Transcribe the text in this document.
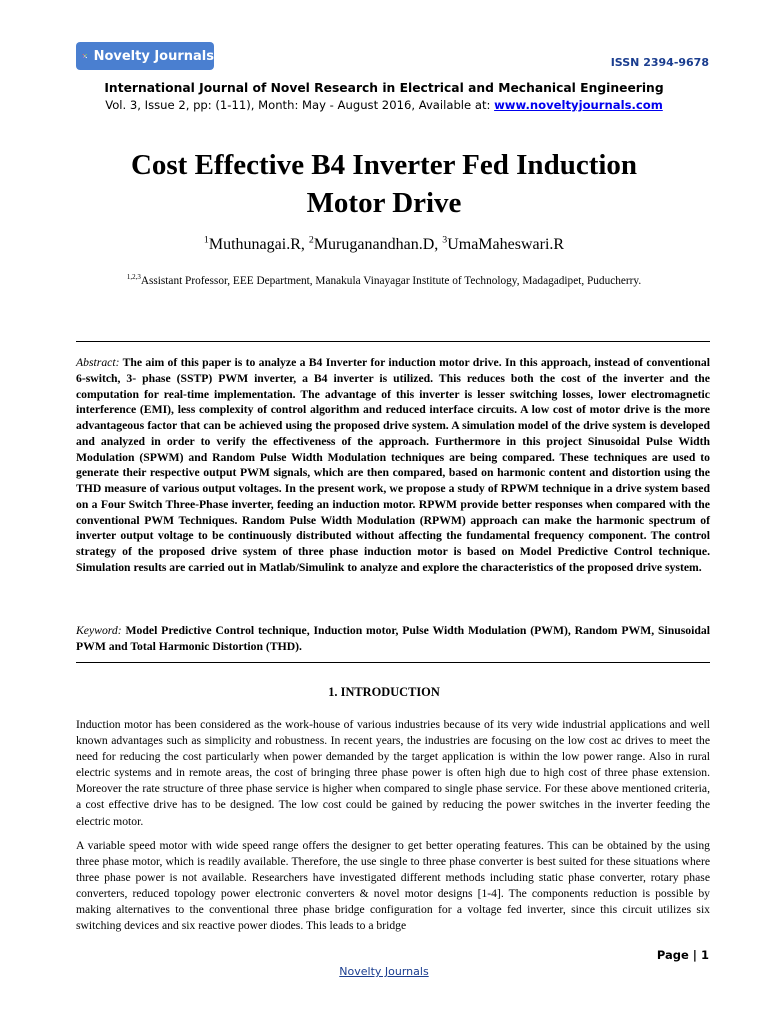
Novelty Journals	ISSN 2394-9678
International Journal of Novel Research in Electrical and Mechanical Engineering
Vol. 3, Issue 2, pp: (1-11), Month: May - August 2016, Available at: www.noveltyjournals.com
Cost Effective B4 Inverter Fed Induction
Motor Drive
$^1$Muthunagai.R, $^2$Muruganandhan.D, $^3$UmaMaheswari.R
$^{1,2,3}$Assistant Professor, EEE Department, Manakula Vinayagar Institute of Technology, Madagadipet, Puducherry.
Abstract: The aim of this paper is to analyze a B4 Inverter for induction motor drive. In this approach, instead of conventional 6-switch, 3- phase (SSTP) PWM inverter, a B4 inverter is utilized. This reduces both the cost of the inverter and the computation for real-time implementation. The advantage of this inverter is lesser switching losses, lower electromagnetic interference (EMI), less complexity of control algorithm and reduced interface circuits. A low cost of motor drive is the more advantageous factor that can be achieved using the proposed drive system. A simulation model of the drive system is developed and analyzed in order to verify the effectiveness of the approach. Furthermore in this project Sinusoidal Pulse Width Modulation (SPWM) and Random Pulse Width Modulation techniques are being compared. These techniques are used to generate their respective output PWM signals, which are then compared, based on harmonic content and distortion using the THD measure of various output voltages. In the present work, we propose a study of RPWM technique in a drive system based on a Four Switch Three-Phase inverter, feeding an induction motor. RPWM provide better responses when compared with the conventional PWM Techniques. Random Pulse Width Modulation (RPWM) approach can make the harmonic spectrum of inverter output voltage to be continuously distributed without affecting the fundamental frequency component. The control strategy of the proposed drive system of three phase induction motor is based on Model Predictive Control technique. Simulation results are carried out in Matlab/Simulink to analyze and explore the characteristics of the proposed drive system.
Keyword: Model Predictive Control technique, Induction motor, Pulse Width Modulation (PWM), Random PWM, Sinusoidal PWM and Total Harmonic Distortion (THD).
1. INTRODUCTION
Induction motor has been considered as the work-house of various industries because of its very wide industrial applications and well known advantages such as simplicity and robustness. In recent years, the industries are focusing on the low cost ac drives to meet the need for reducing the cost particularly when power demanded by the target application is within the low power range. Also in rural electric systems and in remote areas, the cost of bringing three phase power is often high due to high cost of three phase extension. Moreover the rate structure of three phase service is higher when compared to single phase service. For these above mentioned criteria, a cost effective drive has to be designed. The low cost could be gained by reducing the power switches in the inverter feeding the electric motor.
A variable speed motor with wide speed range offers the designer to get better operating features. This can be obtained by the using three phase motor, which is readily available. Therefore, the use single to three phase converter is best suited for these situations where three phase power is not available. Researchers have investigated different methods including static phase converter, rotary phase converters, reduced topology power electronic converters & novel motor designs [1-4]. The components reduction is possible by making alternatives to the conventional three phase bridge configuration for a voltage fed inverter, since this circuit utilizes six switching devices and six reactive power diodes. This leads to a bridge
Page | 1
Novelty Journals
